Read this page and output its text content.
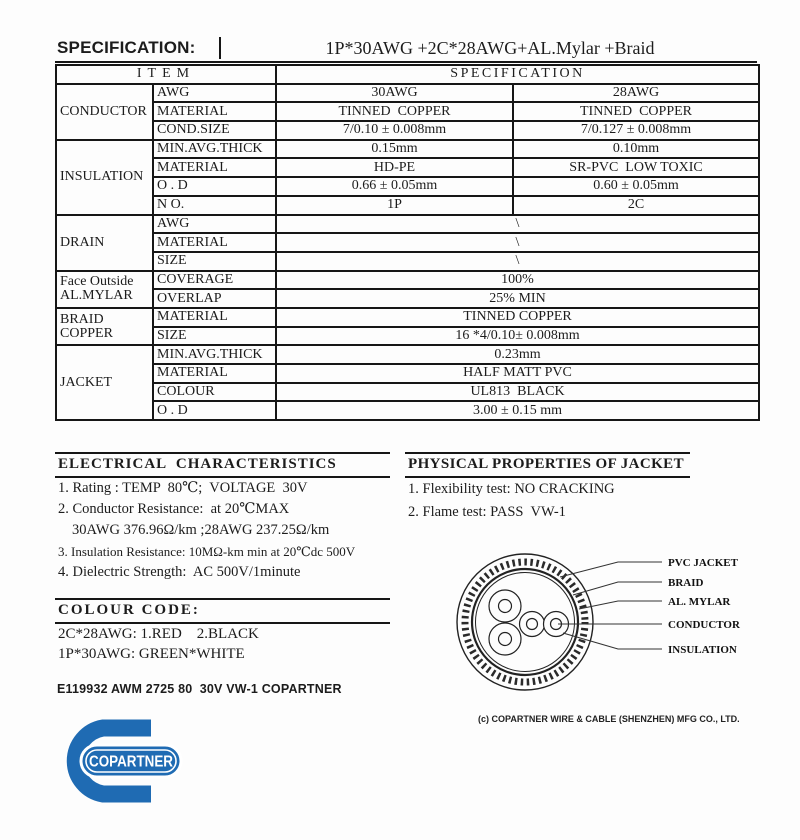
SPECIFICATION:	1P*30AWG +2C*28AWG+AL.Mylar +Braid
ITEM		SPECIFICATION	
CONDUCTOR	AWG	30AWG	28AWG
	MATERIAL	TINNED  COPPER	TINNED  COPPER
	COND.SIZE	7/0.10 ± 0.008mm	7/0.127 ± 0.008mm
INSULATION	MIN.AVG.THICK	0.15mm	0.10mm
	MATERIAL	HD-PE	SR-PVC  LOW TOXIC
	O . D	0.66 ± 0.05mm	0.60 ± 0.05mm
	N O.	1P	2C
DRAIN	AWG	\	
	MATERIAL	\	
	SIZE	\	
Face Outside
AL.MYLAR	COVERAGE	100%	
	OVERLAP	25% MIN	
BRAID
COPPER	MATERIAL	TINNED COPPER	
	SIZE	16 *4/0.10± 0.008mm	
JACKET	MIN.AVG.THICK	0.23mm	
	MATERIAL	HALF MATT PVC	
	COLOUR	UL813  BLACK	
	O . D	3.00 ± 0.15 mm	
ELECTRICAL  CHARACTERISTICS
1. Rating : TEMP  80℃;  VOLTAGE  30V
2. Conductor Resistance:  at 20℃MAX
30AWG 376.96Ω/km ;28AWG 237.25Ω/km
3. Insulation Resistance: 10MΩ-km min at 20℃dc 500V
4. Dielectric Strength:  AC 500V/1minute
PHYSICAL PROPERTIES OF JACKET
1. Flexibility test: NO CRACKING
2. Flame test: PASS  VW-1
COLOUR CODE:
2C*28AWG: 1.RED    2.BLACK
1P*30AWG: GREEN*WHITE
E119932 AWM 2725 80  30V VW-1 COPARTNER
PVC JACKET
BRAID
AL. MYLAR
CONDUCTOR
INSULATION
(c) COPARTNER WIRE & CABLE (SHENZHEN) MFG CO., LTD.
COPARTNER
